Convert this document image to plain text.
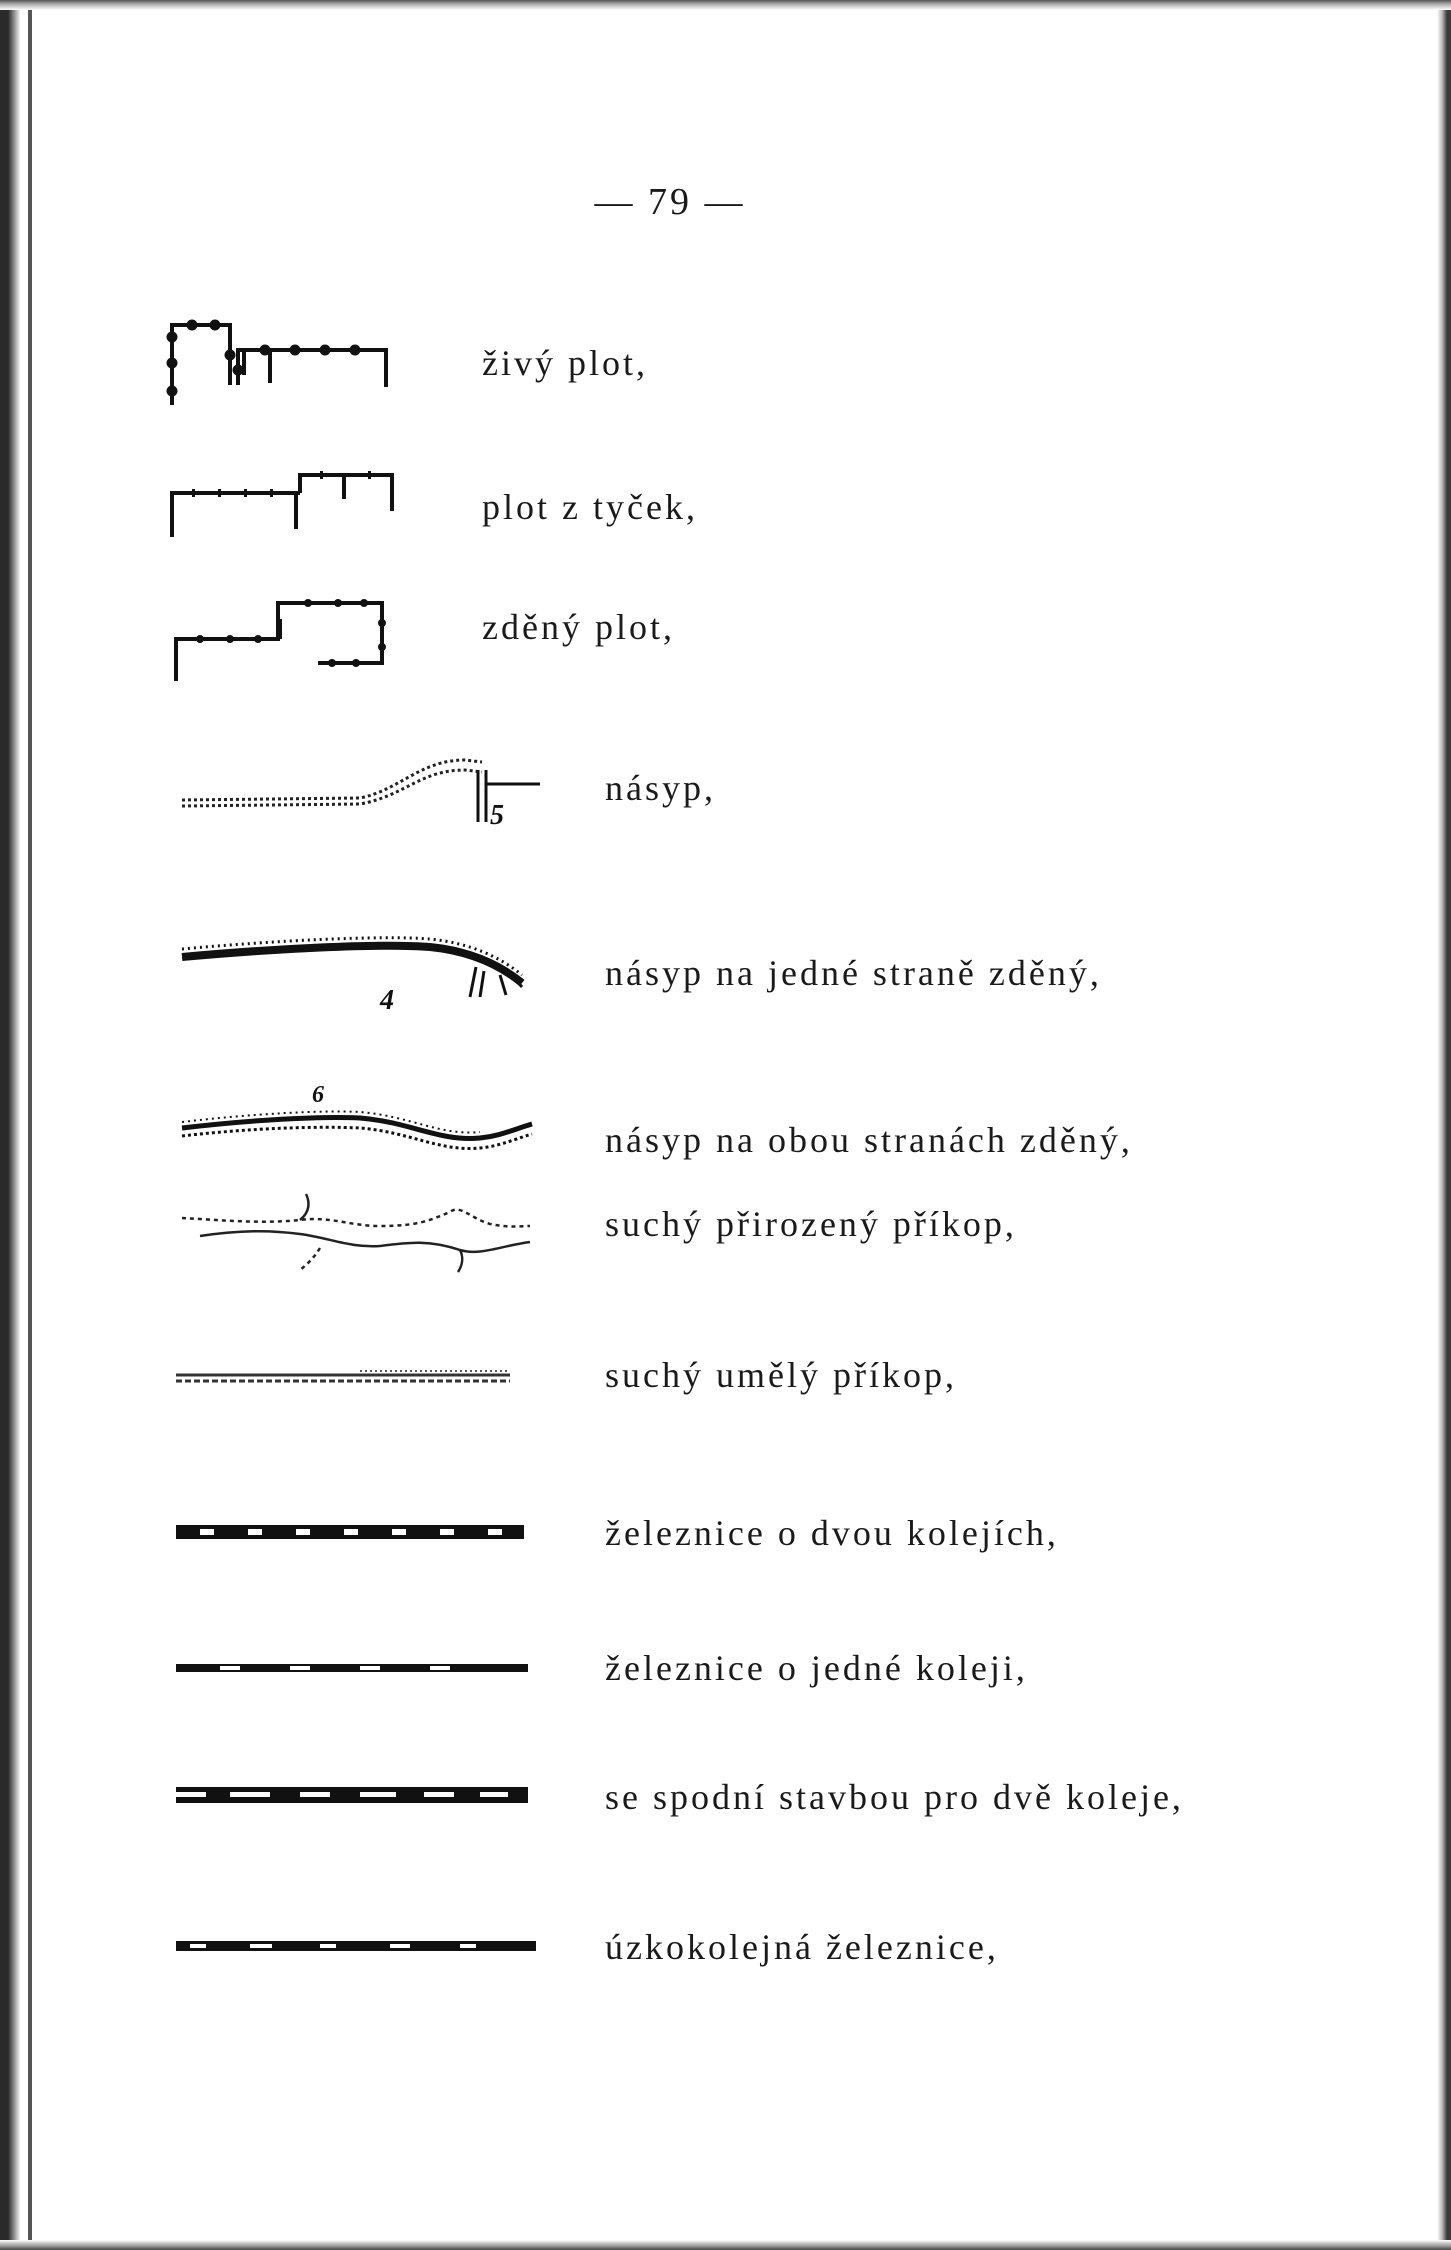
— 79 —
živý plot,
plot z tyček,
zděný plot,
5
násyp,
4
násyp na jedné straně zděný,
6
násyp na obou stranách zděný,
suchý přirozený příkop,
suchý umělý příkop,
železnice o dvou kolejích,
železnice o jedné koleji,
se spodní stavbou pro dvě koleje,
úzkokolejná železnice,
